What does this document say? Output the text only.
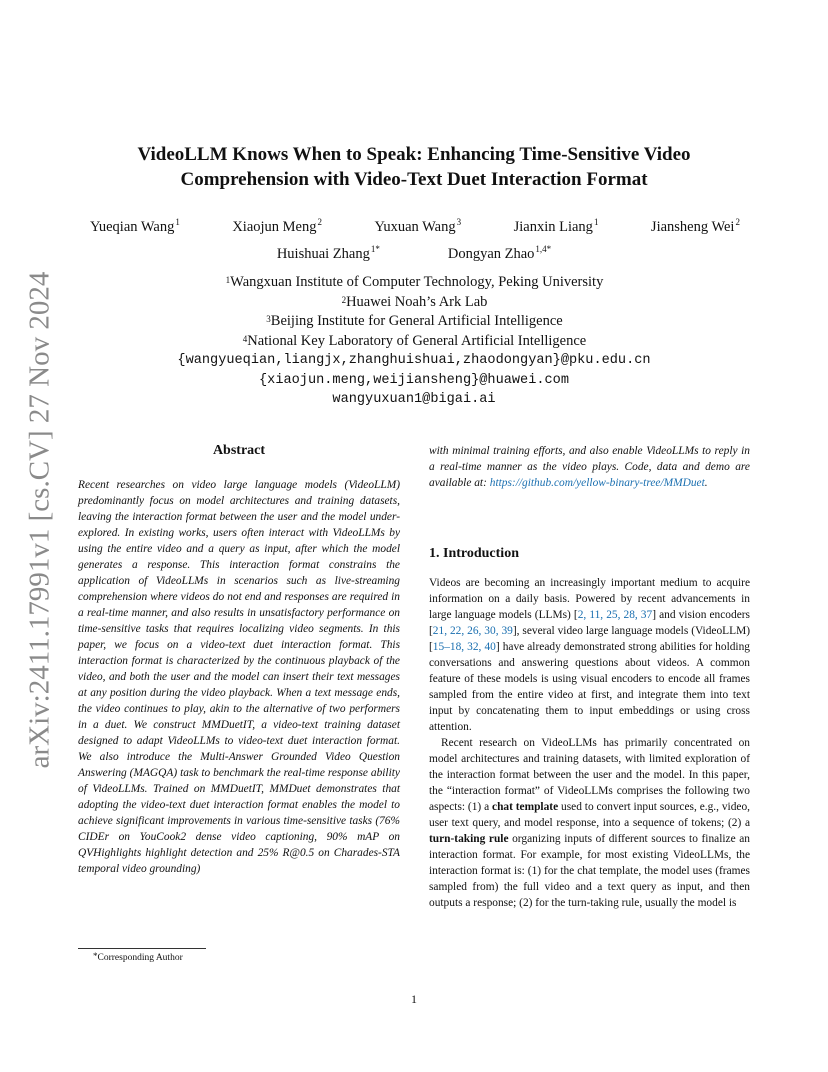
arXiv:2411.17991v1 [cs.CV] 27 Nov 2024
VideoLLM Knows When to Speak: Enhancing Time-Sensitive Video
Comprehension with Video-Text Duet Interaction Format
Yueqian Wang$^1$	Xiaojun Meng$^2$	Yuxuan Wang$^3$	Jianxin Liang$^1$	Jiansheng Wei$^2$
Huishuai Zhang$^{1*}$	Dongyan Zhao$^{1,4*}$
$^1$Wangxuan Institute of Computer Technology, Peking University
$^2$Huawei Noah’s Ark Lab
$^3$Beijing Institute for General Artificial Intelligence
$^4$National Key Laboratory of General Artificial Intelligence
{wangyueqian,liangjx,zhanghuishuai,zhaodongyan}@pku.edu.cn
{xiaojun.meng,weijiansheng}@huawei.com
wangyuxuan1@bigai.ai
Abstract
Recent researches on video large language models (VideoLLM) predominantly focus on model architectures and training datasets, leaving the interaction format between the user and the model under-explored. In existing works, users often interact with VideoLLMs by using the entire video and a query as input, after which the model generates a response. This interaction format constrains the application of VideoLLMs in scenarios such as live-streaming comprehension where videos do not end and responses are required in a real-time manner, and also results in unsatisfactory performance on time-sensitive tasks that requires localizing video segments. In this paper, we focus on a video-text duet interaction format. This interaction format is characterized by the continuous playback of the video, and both the user and the model can insert their text messages at any position during the video playback. When a text message ends, the video continues to play, akin to the alternative of two performers in a duet. We construct MMDuetIT, a video-text training dataset designed to adapt VideoLLMs to video-text duet interaction format. We also introduce the Multi-Answer Grounded Video Question Answering (MAGQA) task to benchmark the real-time response ability of VideoLLMs. Trained on MMDuetIT, MMDuet demonstrates that adopting the video-text duet interaction format enables the model to achieve significant improvements in various time-sensitive tasks (76% CIDEr on YouCook2 dense video captioning, 90% mAP on QVHighlights highlight detection and 25% R@0.5 on Charades-STA temporal video grounding)
with minimal training efforts, and also enable VideoLLMs to reply in a real-time manner as the video plays. Code, data and demo are available at: https://github.com/yellow-binary-tree/MMDuet.
1. Introduction

Videos are becoming an increasingly important medium to acquire information on a daily basis. Powered by recent advancements in large language models (LLMs) [2, 11, 25, 28, 37] and vision encoders [21, 22, 26, 30, 39], several video large language models (VideoLLM) [15–18, 32, 40] have already demonstrated strong abilities for holding conversations and answering questions about videos. A common feature of these models is using visual encoders to encode all frames sampled from the entire video at first, and integrate them into text input by concatenating them to input embeddings or using cross attention.

Recent research on VideoLLMs has primarily concentrated on model architectures and training datasets, with limited exploration of the interaction format between the user and the model. In this paper, the “interaction format” of VideoLLMs comprises the following two aspects: (1) a chat template used to convert input sources, e.g., video, user text query, and model response, into a sequence of tokens; (2) a turn-taking rule organizing inputs of different sources to finalize an interaction format. For example, for most existing VideoLLMs, the interaction format is: (1) for the chat template, the model uses (frames sampled from) the full video and a text query as input, and then outputs a response; (2) for the turn-taking rule, usually the model is

*Corresponding Author
1
